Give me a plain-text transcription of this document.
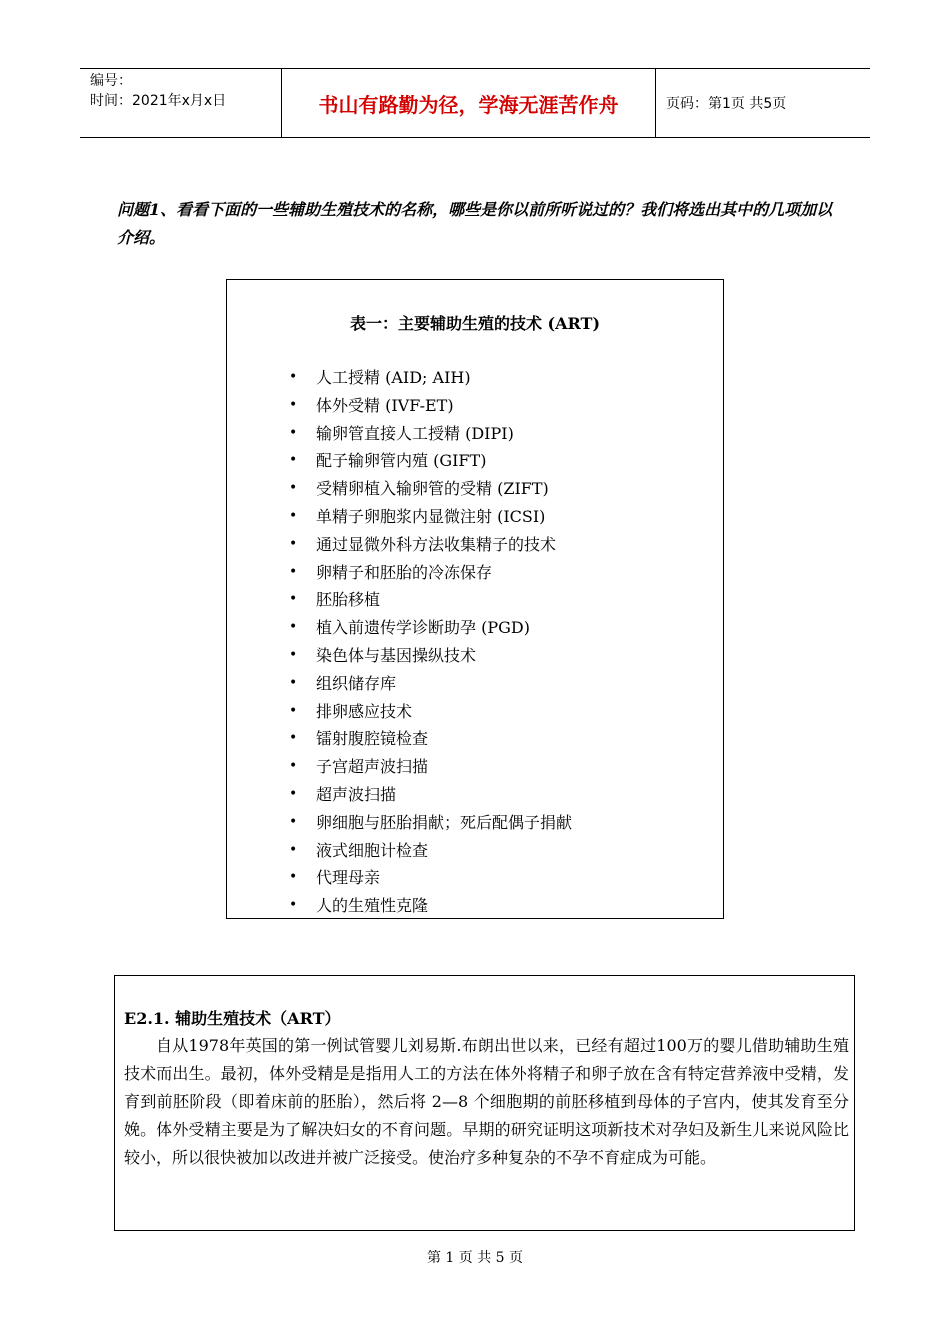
编号：
时间：2021年x月x日	书山有路勤为径，学海无涯苦作舟	页码：第1页 共5页
问题1、看看下面的一些辅助生殖技术的名称，哪些是你以前所听说过的？我们将选出其中的几项加以介绍。
表一：主要辅助生殖的技术 (ART)
• 人工授精 (AID; AIH)
• 体外受精 (IVF-ET)
• 输卵管直接人工授精 (DIPI)
• 配子输卵管内殖 (GIFT)
• 受精卵植入输卵管的受精 (ZIFT)
• 单精子卵胞浆内显微注射 (ICSI)
• 通过显微外科方法收集精子的技术
• 卵精子和胚胎的冷冻保存
• 胚胎移植
• 植入前遗传学诊断助孕 (PGD)
• 染色体与基因操纵技术
• 组织储存库
• 排卵感应技术
• 镭射腹腔镜检查
• 子宫超声波扫描
• 超声波扫描
• 卵细胞与胚胎捐献；死后配偶子捐献
• 液式细胞计检查
• 代理母亲
• 人的生殖性克隆
E2.1. 辅助生殖技术（ART）
自从1978年英国的第一例试管婴儿刘易斯.布朗出世以来，已经有超过100万的婴儿借助辅助生殖技术而出生。最初，体外受精是是指用人工的方法在体外将精子和卵子放在含有特定营养液中受精，发育到前胚阶段（即着床前的胚胎），然后将 2—8 个细胞期的前胚移植到母体的子宫内，使其发育至分娩。体外受精主要是为了解决妇女的不育问题。早期的研究证明这项新技术对孕妇及新生儿来说风险比较小，所以很快被加以改进并被广泛接受。使治疗多种复杂的不孕不育症成为可能。
第 1 页 共 5 页
